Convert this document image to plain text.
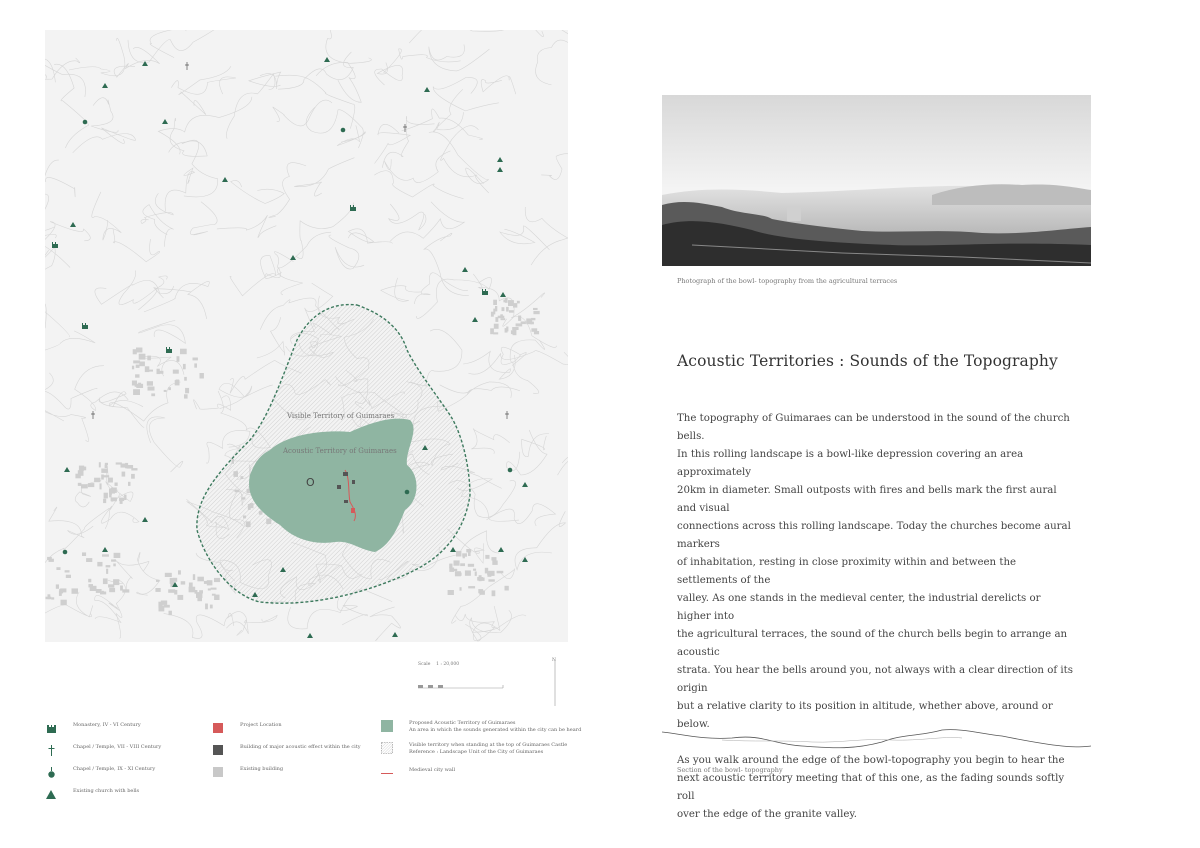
O
Visible Territory of Guimaraes
Acoustic Territory of Guimaraes
Scale 1 : 20,000
N
Monastery, IV - VI Century
Chapel / Temple, VII - VIII Century
Chapel / Temple, IX - XI Century
Existing church with bells
Project Location
Building of major acoustic effect within the city
Existing building
Proposed Acoustic Territory of Guimaraes
An area in which the sounds generated within the city can be heard
Visible territory when standing at the top of Guimaraes Castle
Reference : Landscape Unit of the City of Guimaraes
Medieval city wall
Photograph of the bowl- topography from the agricultural terraces
Acoustic Territories : Sounds of the Topography

The topography of Guimaraes can be understood in the sound of the church bells.
In this rolling landscape is a bowl-like depression covering an area approximately
20km in diameter. Small outposts with fires and bells mark the first aural and visual
connections across this rolling landscape. Today the churches become aural markers
of inhabitation, resting in close proximity within and between the settlements of the
valley. As one stands in the medieval center, the industrial derelicts or higher into
the agricultural terraces, the sound of the church bells begin to arrange an acoustic
strata. You hear the bells around you, not always with a clear direction of its origin
but a relative clarity to its position in altitude, whether above, around or below.

As you walk around the edge of the bowl-topography you begin to hear the
next acoustic territory meeting that of this one, as the fading sounds softly roll
over the edge of the granite valley.

Section of the bowl- topography
